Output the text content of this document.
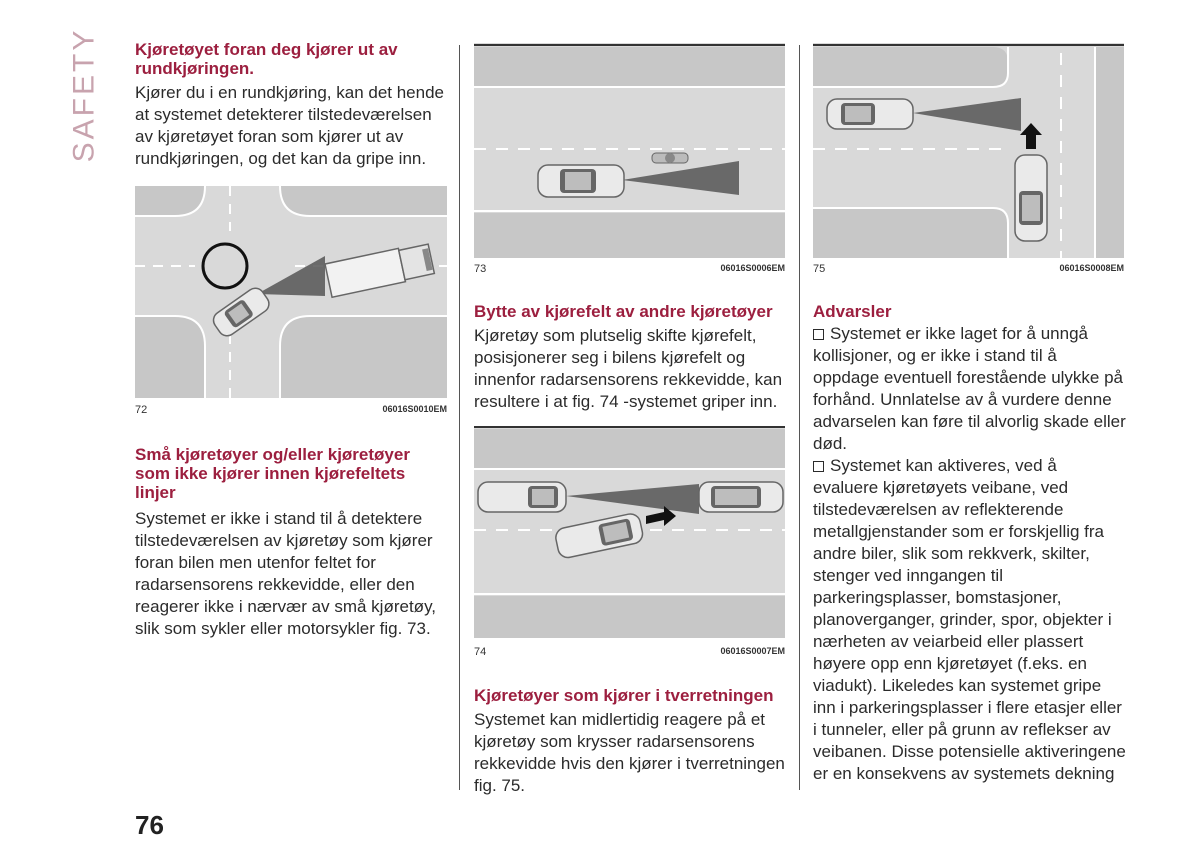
SAFETY Kjøretøyet foran deg kjører ut av rundkjøringen.

Kjører du i en rundkjøring, kan det hende at systemet detekterer tilstedeværelsen av kjøretøyet foran som kjører ut av rundkjøringen, og det kan da gripe inn.

72	06016S0010EM

Små kjøretøyer og/eller kjøretøyer som ikke kjører innen kjørefeltets linjer

Systemet er ikke i stand til å detektere tilstedeværelsen av kjøretøy som kjører foran bilen men utenfor feltet for radarsensorens rekkevidde, eller den reagerer ikke i nærvær av små kjøretøy, slik som sykler eller motorsykler fig. 73.

73	06016S0006EM

Bytte av kjørefelt av andre kjøretøyer

Kjøretøy som plutselig skifte kjørefelt, posisjonerer seg i bilens kjørefelt og innenfor radarsensorens rekkevidde, kan resultere i at fig. 74 -systemet griper inn.

74	06016S0007EM

Kjøretøyer som kjører i tverretningen

Systemet kan midlertidig reagere på et kjøretøy som krysser radarsensorens rekkevidde hvis den kjører i tverretningen fig. 75.

75	06016S0008EM

Advarsler

Systemet er ikke laget for å unngå kollisjoner, og er ikke i stand til å oppdage eventuell forestående ulykke på forhånd. Unnlatelse av å vurdere denne advarselen kan føre til alvorlig skade eller død.

Systemet kan aktiveres, ved å evaluere kjøretøyets veibane, ved tilstedeværelsen av reflekterende metallgjenstander som er forskjellig fra andre biler, slik som rekkverk, skilter, stenger ved inngangen til parkeringsplasser, bomstasjoner, planoverganger, grinder, spor, objekter i nærheten av veiarbeid eller plassert høyere opp enn kjøretøyet (f.eks. en viadukt). Likeledes kan systemet gripe inn i parkeringsplasser i flere etasjer eller i tunneler, eller på grunn av reflekser av veibanen. Disse potensielle aktiveringene er en konsekvens av systemets dekning

76
